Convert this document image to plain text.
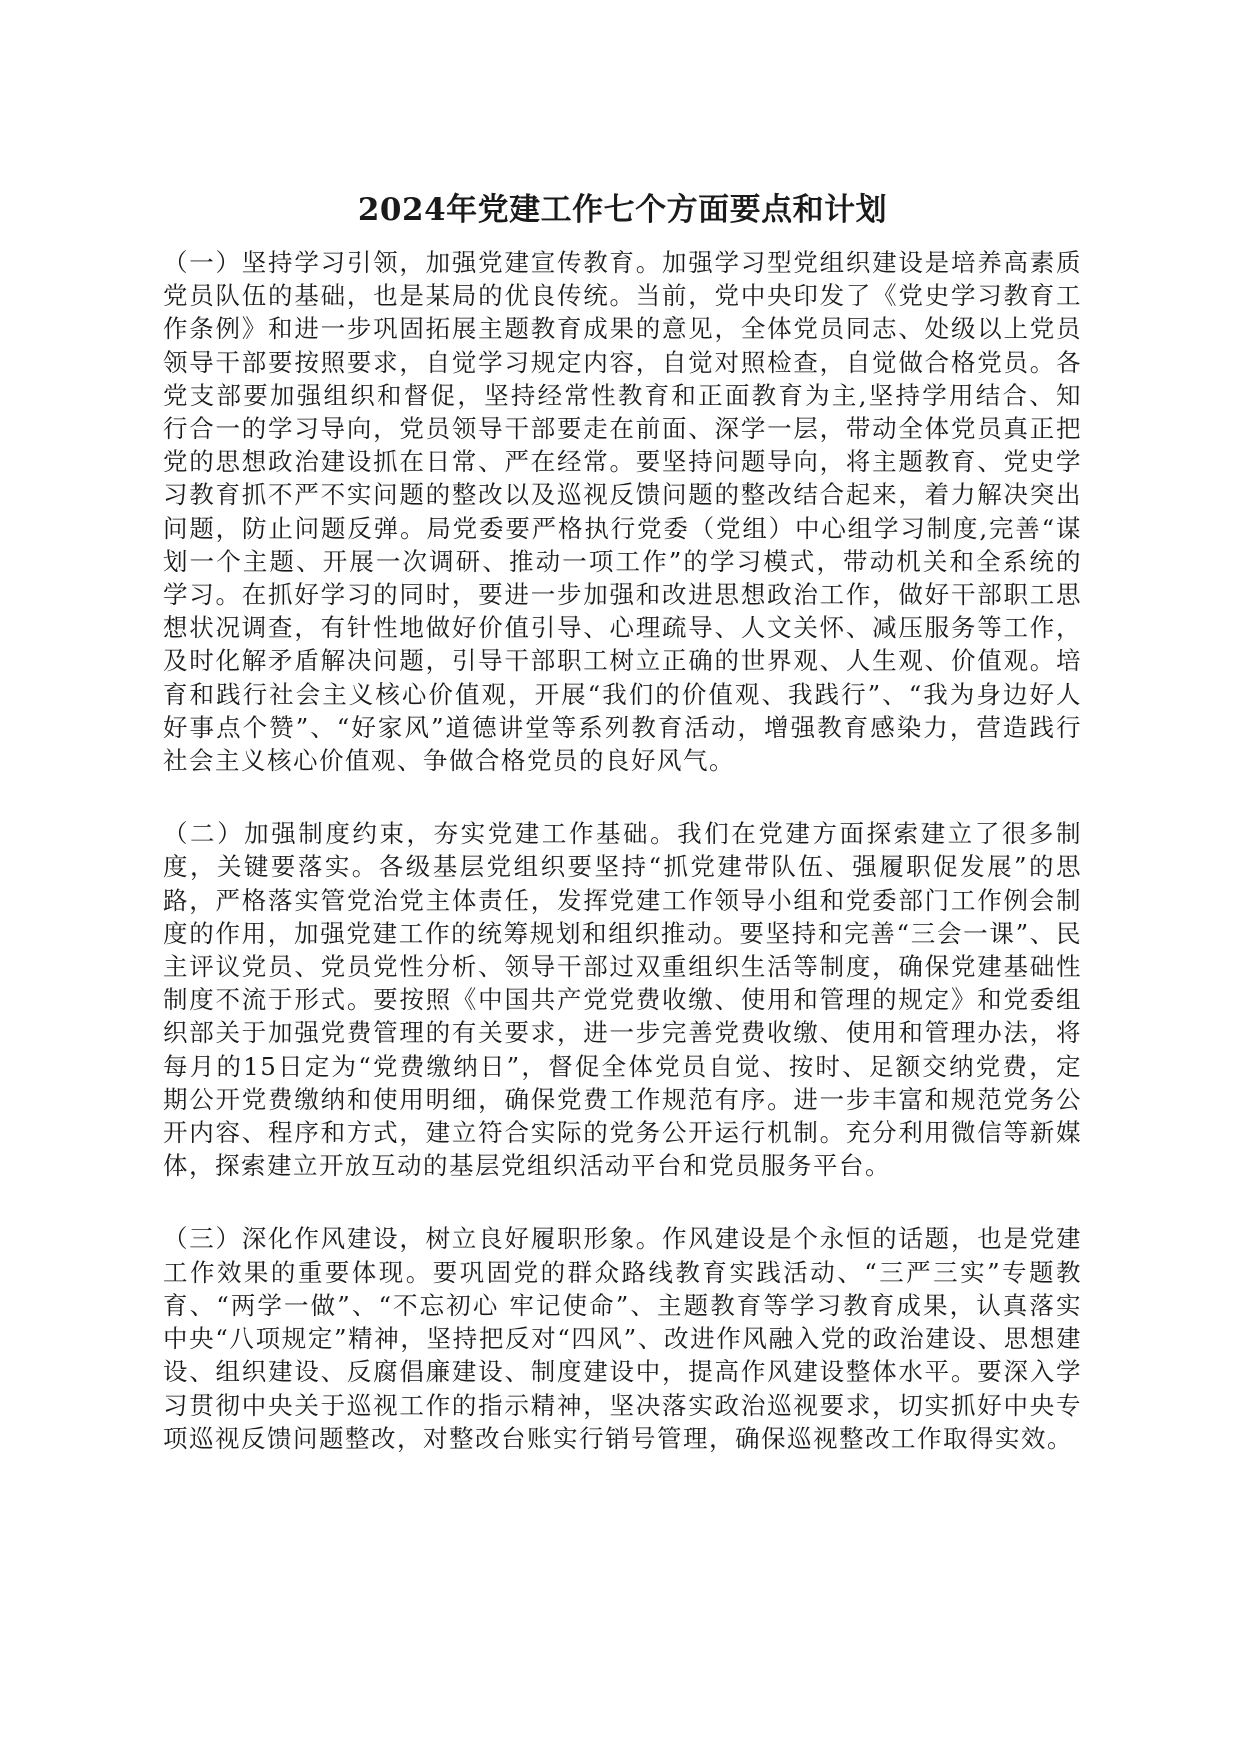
2024年党建工作七个方面要点和计划

（一）坚持学习引领，加强党建宣传教育。加强学习型党组织建设是培养高素质党员队伍的基础，也是某局的优良传统。当前，党中央印发了《党史学习教育工作条例》和进一步巩固拓展主题教育成果的意见，全体党员同志、处级以上党员领导干部要按照要求，自觉学习规定内容，自觉对照检查，自觉做合格党员。各党支部要加强组织和督促，坚持经常性教育和正面教育为主,坚持学用结合、知行合一的学习导向，党员领导干部要走在前面、深学一层，带动全体党员真正把党的思想政治建设抓在日常、严在经常。要坚持问题导向，将主题教育、党史学习教育抓不严不实问题的整改以及巡视反馈问题的整改结合起来，着力解决突出问题，防止问题反弹。局党委要严格执行党委（党组）中心组学习制度,完善“谋划一个主题、开展一次调研、推动一项工作”的学习模式，带动机关和全系统的学习。在抓好学习的同时，要进一步加强和改进思想政治工作，做好干部职工思想状况调查，有针性地做好价值引导、心理疏导、人文关怀、减压服务等工作，及时化解矛盾解决问题，引导干部职工树立正确的世界观、人生观、价值观。培育和践行社会主义核心价值观，开展“我们的价值观、我践行”、“我为身边好人好事点个赞”、“好家风”道德讲堂等系列教育活动，增强教育感染力，营造践行社会主义核心价值观、争做合格党员的良好风气。

（二）加强制度约束，夯实党建工作基础。我们在党建方面探索建立了很多制度，关键要落实。各级基层党组织要坚持“抓党建带队伍、强履职促发展”的思路，严格落实管党治党主体责任，发挥党建工作领导小组和党委部门工作例会制度的作用，加强党建工作的统筹规划和组织推动。要坚持和完善“三会一课”、民主评议党员、党员党性分析、领导干部过双重组织生活等制度，确保党建基础性制度不流于形式。要按照《中国共产党党费收缴、使用和管理的规定》和党委组织部关于加强党费管理的有关要求，进一步完善党费收缴、使用和管理办法，将每月的15日定为“党费缴纳日”，督促全体党员自觉、按时、足额交纳党费，定期公开党费缴纳和使用明细，确保党费工作规范有序。进一步丰富和规范党务公开内容、程序和方式，建立符合实际的党务公开运行机制。充分利用微信等新媒体，探索建立开放互动的基层党组织活动平台和党员服务平台。

（三）深化作风建设，树立良好履职形象。作风建设是个永恒的话题，也是党建工作效果的重要体现。要巩固党的群众路线教育实践活动、“三严三实”专题教育、“两学一做”、“不忘初心 牢记使命”、主题教育等学习教育成果，认真落实中央“八项规定”精神，坚持把反对“四风”、改进作风融入党的政治建设、思想建设、组织建设、反腐倡廉建设、制度建设中，提高作风建设整体水平。要深入学习贯彻中央关于巡视工作的指示精神，坚决落实政治巡视要求，切实抓好中央专项巡视反馈问题整改，对整改台账实行销号管理，确保巡视整改工作取得实效。
